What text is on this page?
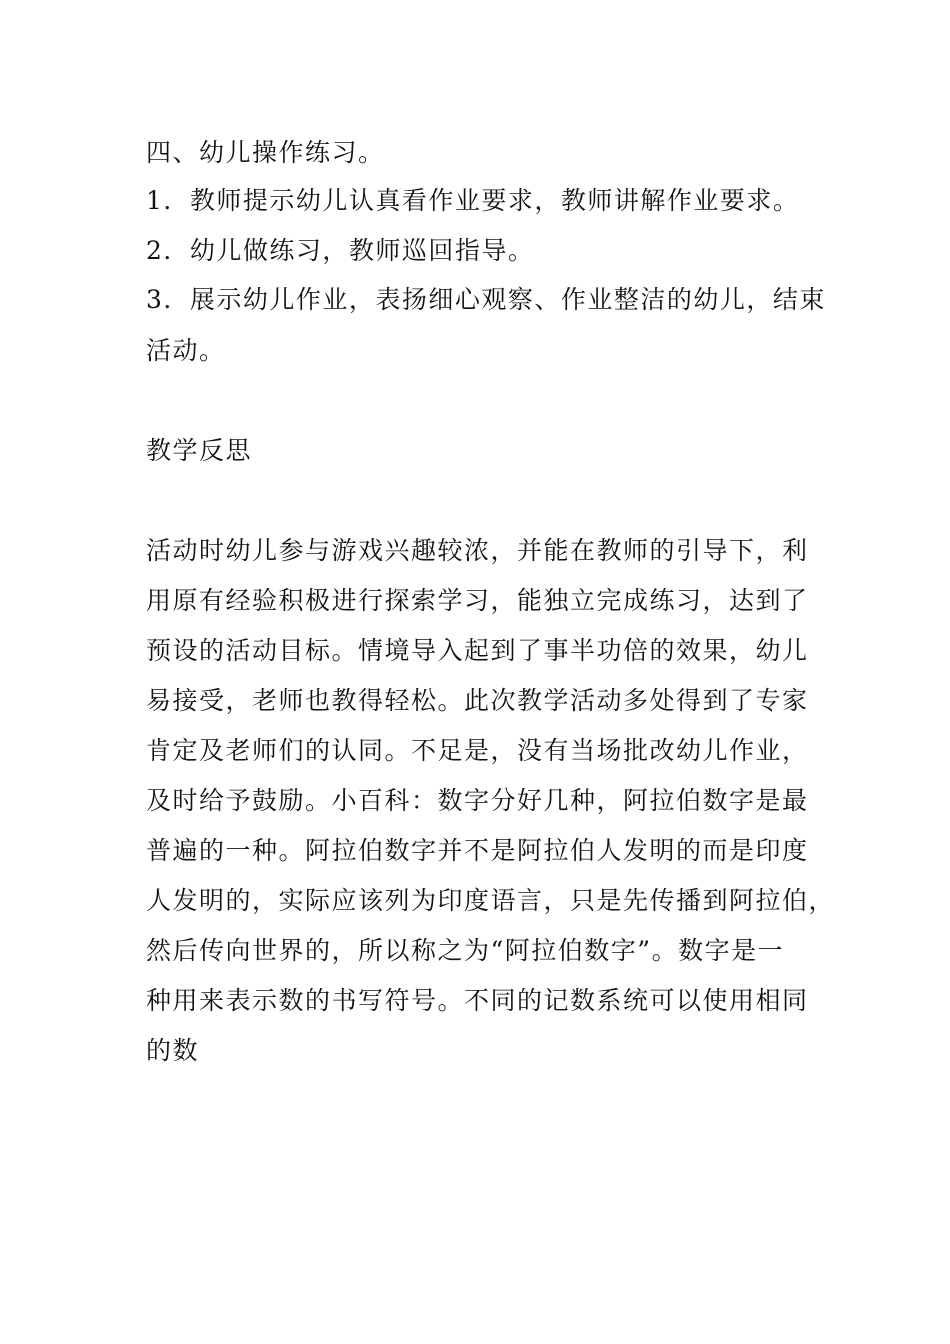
四、幼儿操作练习。
1．教师提示幼儿认真看作业要求，教师讲解作业要求。
2．幼儿做练习，教师巡回指导。
3．展示幼儿作业，表扬细心观察、作业整洁的幼儿，结束
活动。
教学反思
活动时幼儿参与游戏兴趣较浓，并能在教师的引导下，利
用原有经验积极进行探索学习，能独立完成练习，达到了
预设的活动目标。情境导入起到了事半功倍的效果，幼儿
易接受，老师也教得轻松。此次教学活动多处得到了专家
肯定及老师们的认同。不足是，没有当场批改幼儿作业，
及时给予鼓励。小百科：数字分好几种，阿拉伯数字是最
普遍的一种。阿拉伯数字并不是阿拉伯人发明的而是印度
人发明的，实际应该列为印度语言，只是先传播到阿拉伯，
然后传向世界的，所以称之为“阿拉伯数字”。数字是一
种用来表示数的书写符号。不同的记数系统可以使用相同
的数
